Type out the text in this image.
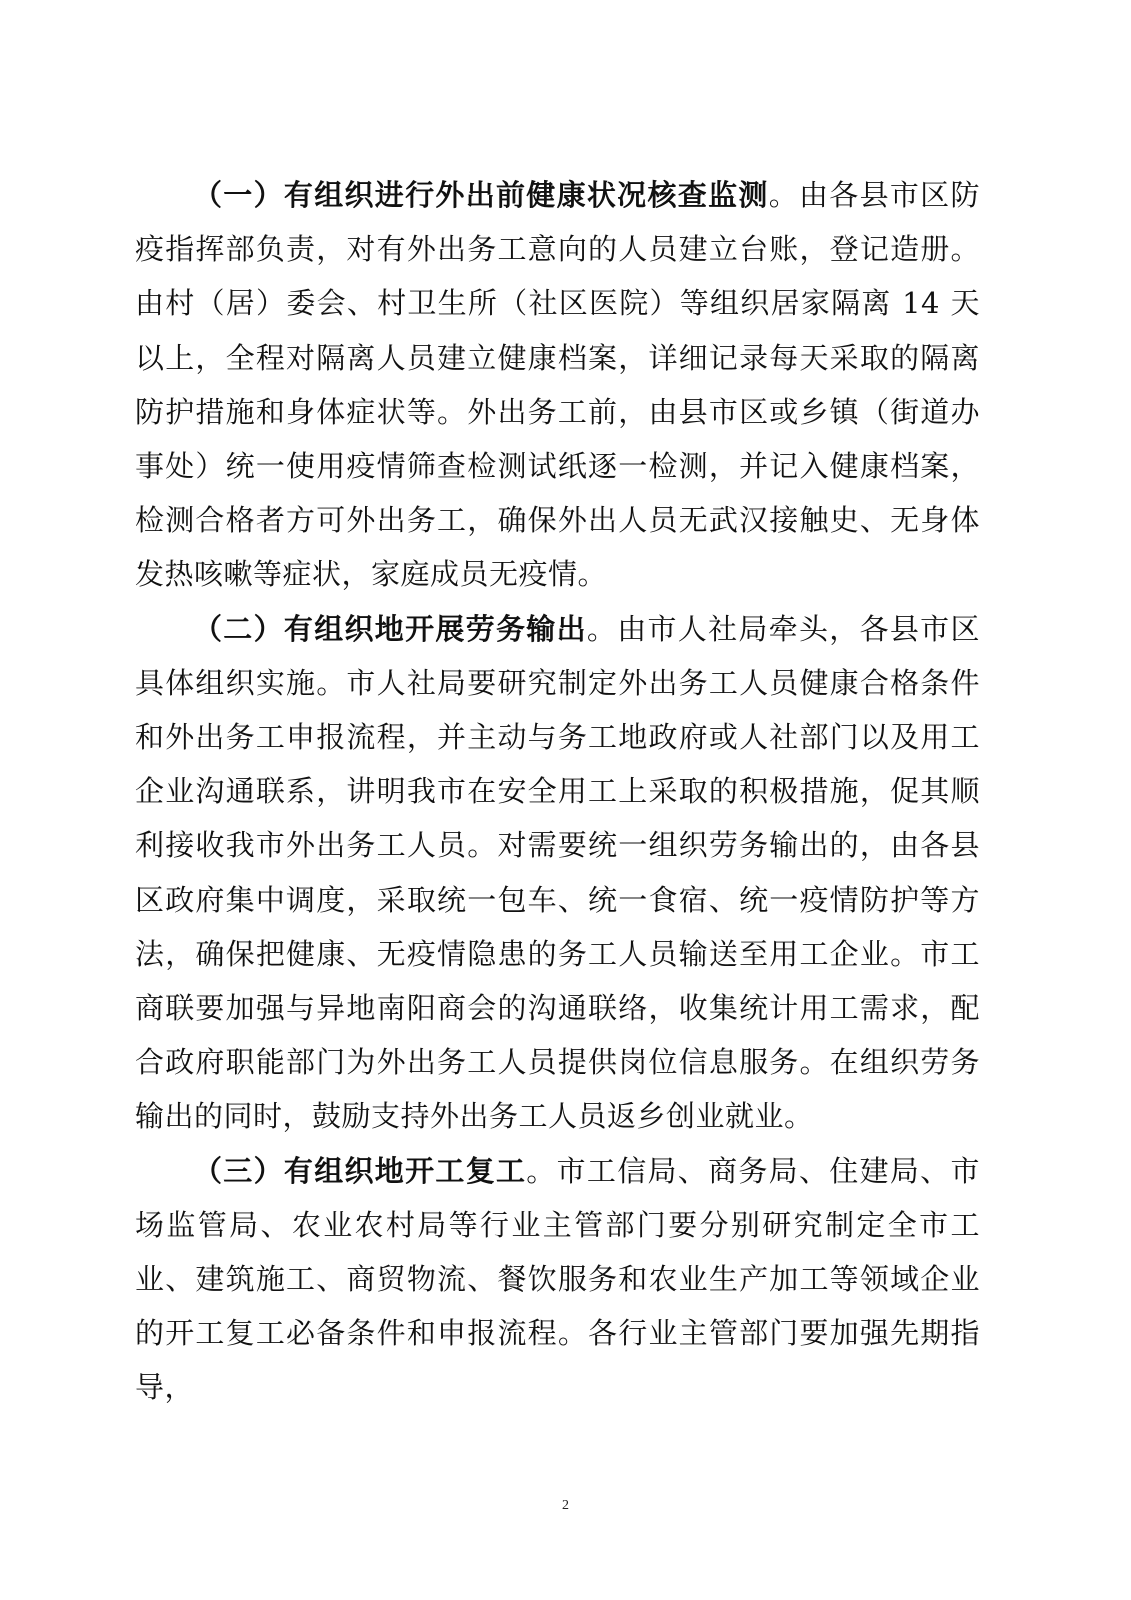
（一）有组织进行外出前健康状况核查监测。由各县市区防疫指挥部负责，对有外出务工意向的人员建立台账，登记造册。由村（居）委会、村卫生所（社区医院）等组织居家隔离 14 天以上，全程对隔离人员建立健康档案，详细记录每天采取的隔离防护措施和身体症状等。外出务工前，由县市区或乡镇（街道办事处）统一使用疫情筛查检测试纸逐一检测，并记入健康档案，检测合格者方可外出务工，确保外出人员无武汉接触史、无身体发热咳嗽等症状，家庭成员无疫情。

（二）有组织地开展劳务输出。由市人社局牵头，各县市区具体组织实施。市人社局要研究制定外出务工人员健康合格条件和外出务工申报流程，并主动与务工地政府或人社部门以及用工企业沟通联系，讲明我市在安全用工上采取的积极措施，促其顺利接收我市外出务工人员。对需要统一组织劳务输出的，由各县区政府集中调度，采取统一包车、统一食宿、统一疫情防护等方法，确保把健康、无疫情隐患的务工人员输送至用工企业。市工商联要加强与异地南阳商会的沟通联络，收集统计用工需求，配合政府职能部门为外出务工人员提供岗位信息服务。在组织劳务输出的同时，鼓励支持外出务工人员返乡创业就业。

（三）有组织地开工复工。市工信局、商务局、住建局、市场监管局、农业农村局等行业主管部门要分别研究制定全市工业、建筑施工、商贸物流、餐饮服务和农业生产加工等领域企业的开工复工必备条件和申报流程。各行业主管部门要加强先期指导，

2
